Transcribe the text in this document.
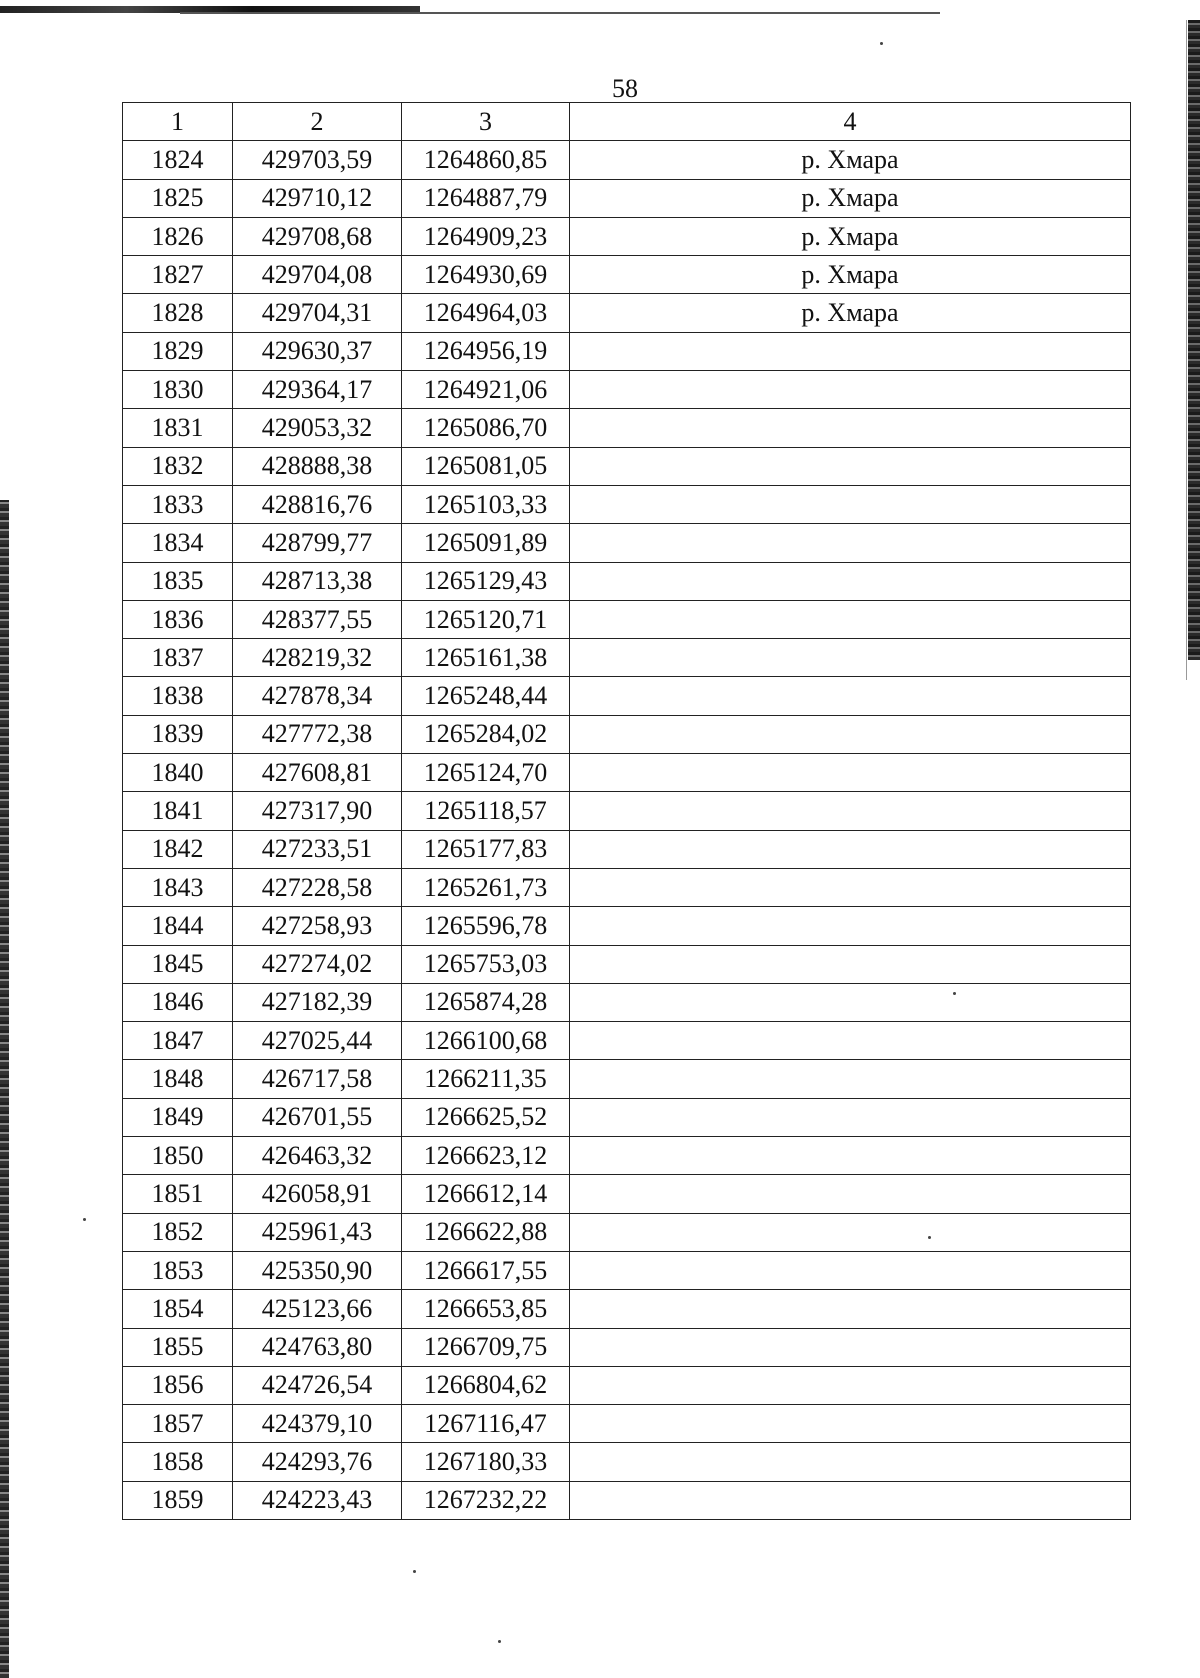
58
1	2	3	4
1824	429703,59	1264860,85	р. Хмара
1825	429710,12	1264887,79	р. Хмара
1826	429708,68	1264909,23	р. Хмара
1827	429704,08	1264930,69	р. Хмара
1828	429704,31	1264964,03	р. Хмара
1829	429630,37	1264956,19	
1830	429364,17	1264921,06	
1831	429053,32	1265086,70	
1832	428888,38	1265081,05	
1833	428816,76	1265103,33	
1834	428799,77	1265091,89	
1835	428713,38	1265129,43	
1836	428377,55	1265120,71	
1837	428219,32	1265161,38	
1838	427878,34	1265248,44	
1839	427772,38	1265284,02	
1840	427608,81	1265124,70	
1841	427317,90	1265118,57	
1842	427233,51	1265177,83	
1843	427228,58	1265261,73	
1844	427258,93	1265596,78	
1845	427274,02	1265753,03	
1846	427182,39	1265874,28	
1847	427025,44	1266100,68	
1848	426717,58	1266211,35	
1849	426701,55	1266625,52	
1850	426463,32	1266623,12	
1851	426058,91	1266612,14	
1852	425961,43	1266622,88	
1853	425350,90	1266617,55	
1854	425123,66	1266653,85	
1855	424763,80	1266709,75	
1856	424726,54	1266804,62	
1857	424379,10	1267116,47	
1858	424293,76	1267180,33	
1859	424223,43	1267232,22	
